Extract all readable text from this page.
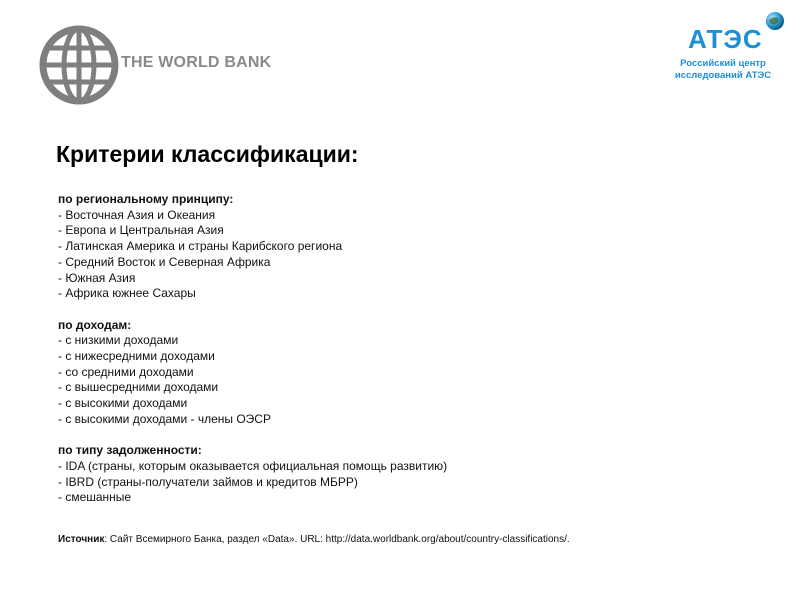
THE WORLD BANK
АТЭС
Российский центр
исследований АТЭС
Критерии классификации:
по региональному принципу:
- Восточная Азия и Океания
- Европа и Центральная Азия
- Латинская Америка и страны Карибского региона
- Средний Восток и Северная Африка
- Южная Азия
- Африка южнее Сахары
по доходам:
- с низкими доходами
- с нижесредними доходами
- со средними доходами
- с вышесредними доходами
- с высокими доходами
- с высокими доходами - члены ОЭСР
по типу задолженности:
- IDA (страны, которым оказывается официальная помощь развитию)
- IBRD (страны-получатели займов и кредитов МБРР)
- смешанные
Источник: Сайт Всемирного Банка, раздел «Data». URL: http://data.worldbank.org/about/country-classifications/.
